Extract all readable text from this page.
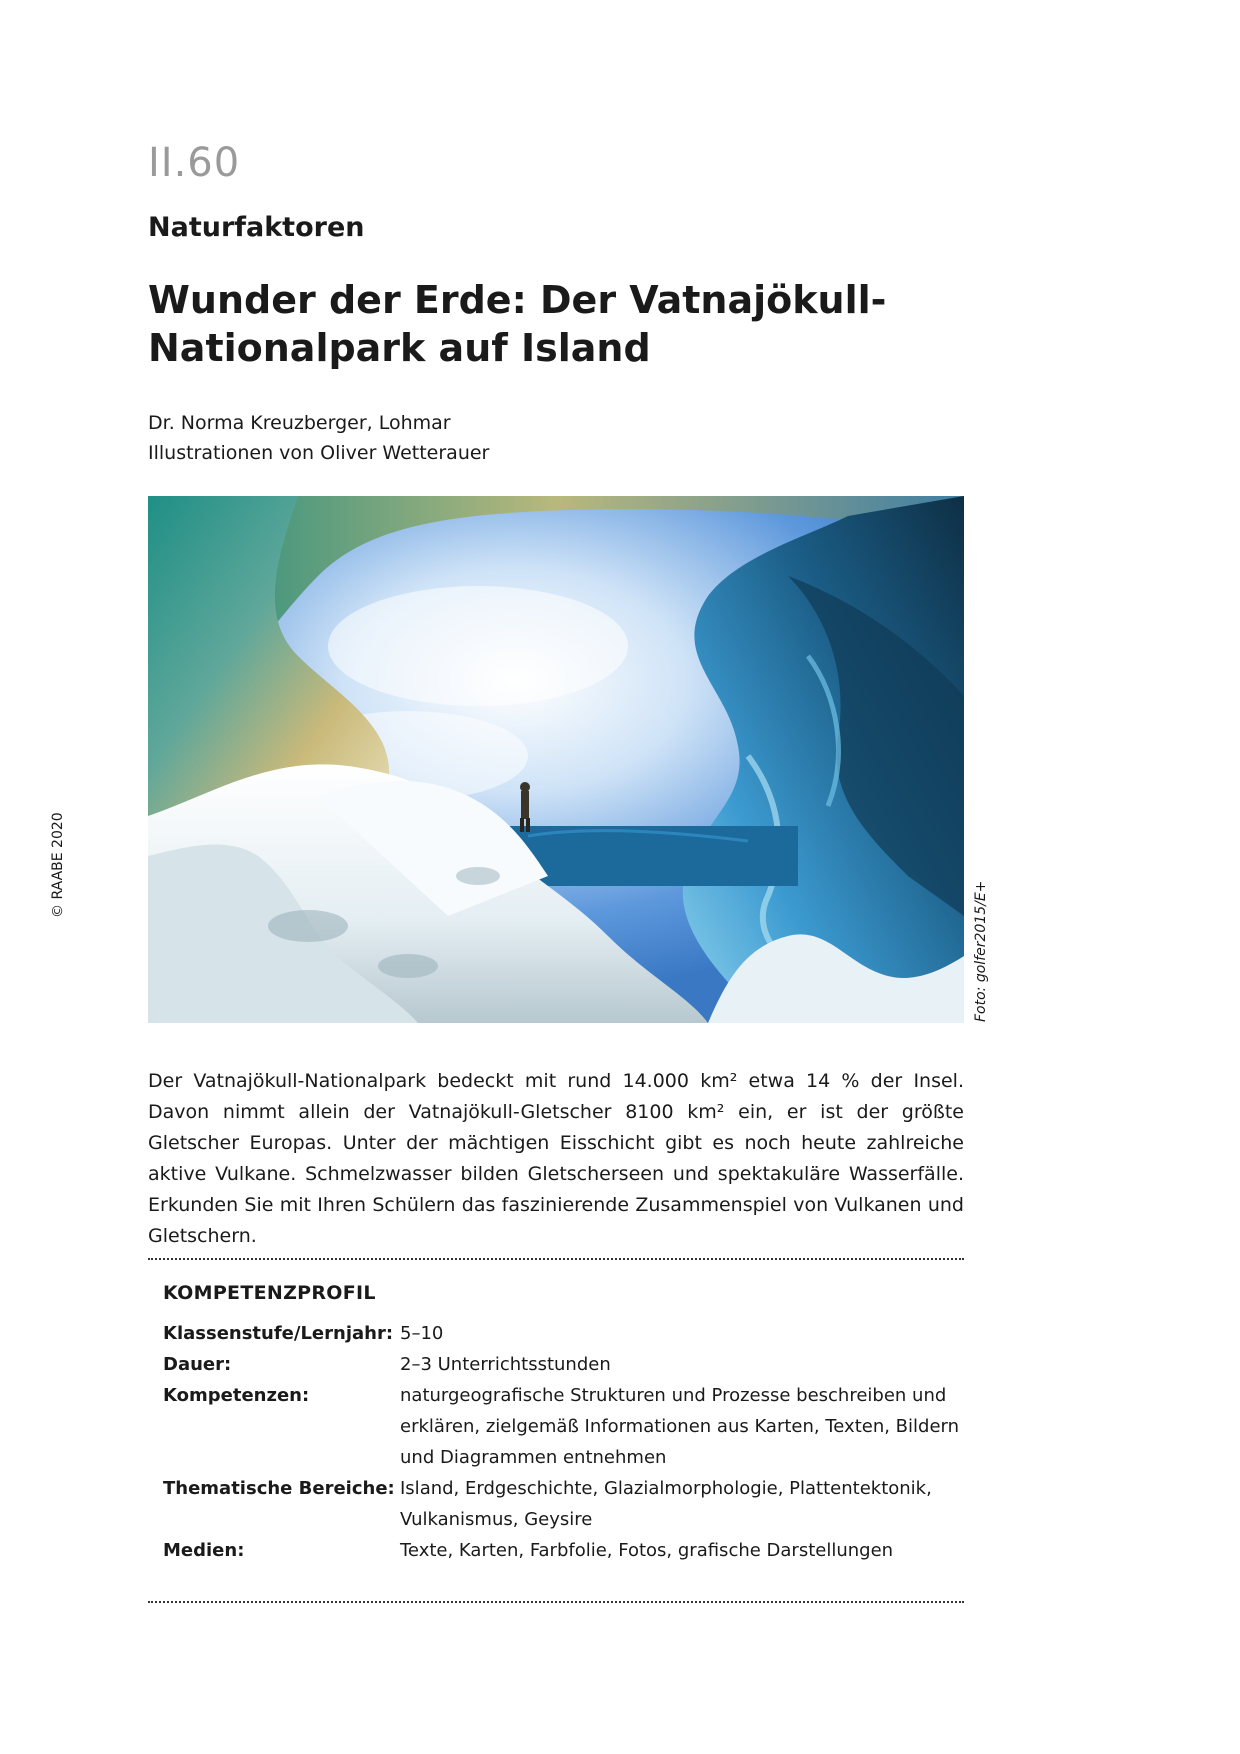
II.60
Naturfaktoren
Wunder der Erde: Der Vatnajökull-
Nationalpark auf Island
Dr. Norma Kreuzberger, Lohmar
Illustrationen von Oliver Wetterauer
© RAABE 2020
Foto: golfer2015/E+

Der Vatnajökull-Nationalpark bedeckt mit rund 14.000 km² etwa 14 % der Insel. Davon nimmt allein der Vatnajökull-Gletscher 8100 km² ein, er ist der größte Gletscher Europas. Unter der mächtigen Eisschicht gibt es noch heute zahlreiche aktive Vulkane. Schmelzwasser bilden Gletscherseen und spektakuläre Wasserfälle. Erkunden Sie mit Ihren Schülern das faszinierende Zusammenspiel von Vulkanen und Gletschern.

KOMPETENZPROFIL
Klassenstufe/Lernjahr: 5–10
Dauer:	2–3 Unterrichtsstunden
Kompetenzen:	naturgeografische Strukturen und Prozesse beschreiben und erklären, zielgemäß Informationen aus Karten, Texten, Bildern und Diagrammen entnehmen
Thematische Bereiche: Island, Erdgeschichte, Glazialmorphologie, Plattentektonik, Vulkanismus, Geysire
Medien:	Texte, Karten, Farbfolie, Fotos, grafische Darstellungen
